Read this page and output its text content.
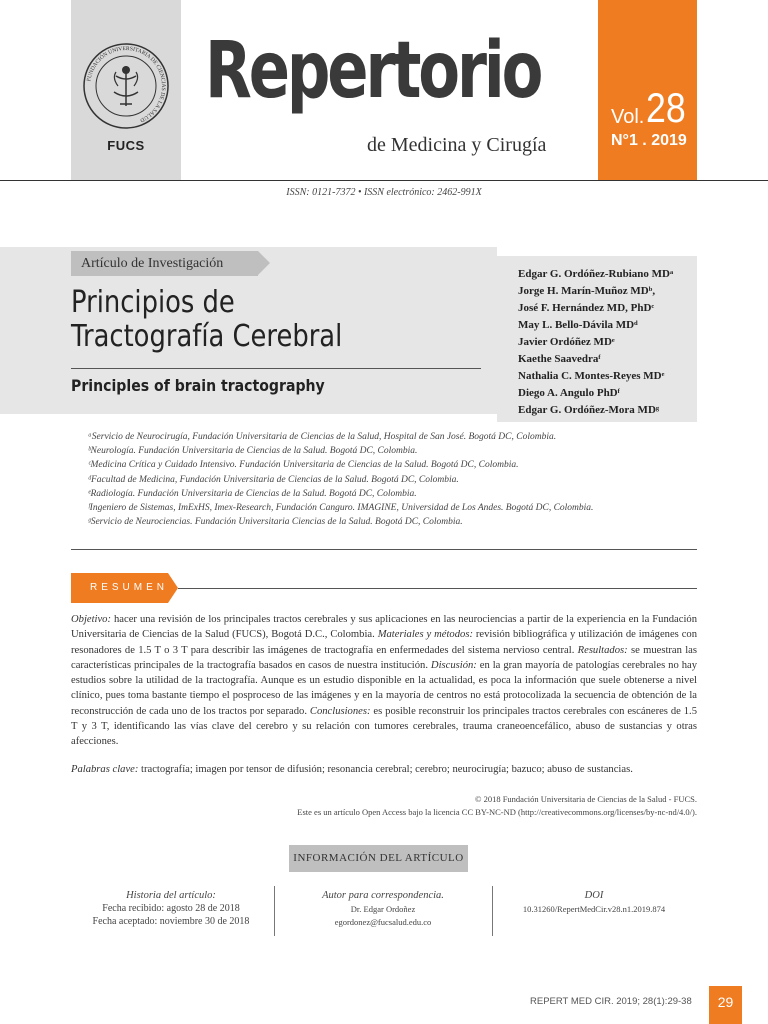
FUNDACIÓN UNIVERSITARIA DE CIENCIAS DE LA SALUD
FUCS
Repertorio
de Medicina y Cirugía
Vol. 28
N°1 . 2019
ISSN: 0121-7372 • ISSN electrónico: 2462-991X
Artículo de Investigación
Principios de
Tractografía Cerebral
Principles of brain tractography
Edgar G. Ordóñez-Rubiano MDᵃ
Jorge H. Marín-Muñoz MDᵇ,
José F. Hernández MD, PhDᶜ
May L. Bello-Dávila MDᵈ
Javier Ordóñez MDᵉ
Kaethe Saavedraᶠ
Nathalia C. Montes-Reyes MDᵉ
Diego A. Angulo PhDᶠ
Edgar G. Ordóñez-Mora MDᵍ
ᵃServicio de Neurocirugía, Fundación Universitaria de Ciencias de la Salud, Hospital de San José. Bogotá DC, Colombia.
ᵇNeurología. Fundación Universitaria de Ciencias de la Salud. Bogotá DC, Colombia.
ᶜMedicina Crítica y Cuidado Intensivo. Fundación Universitaria de Ciencias de la Salud. Bogotá DC, Colombia.
ᵈFacultad de Medicina, Fundación Universitaria de Ciencias de la Salud. Bogotá DC, Colombia.
ᵉRadiología. Fundación Universitaria de Ciencias de la Salud. Bogotá DC, Colombia.
ᶠIngeniero de Sistemas, ImExHS, Imex-Research, Fundación Canguro. IMAGINE, Universidad de Los Andes. Bogotá DC, Colombia.
ᵍServicio de Neurociencias. Fundación Universitaria Ciencias de la Salud. Bogotá DC, Colombia.
RESUMEN

Objetivo: hacer una revisión de los principales tractos cerebrales y sus aplicaciones en las neurociencias a partir de la experiencia en la Fundación Universitaria de Ciencias de la Salud (FUCS), Bogotá D.C., Colombia. Materiales y métodos: revisión bibliográfica y utilización de imágenes con resonadores de 1.5 T o 3 T para describir las imágenes de tractografía en enfermedades del sistema nervioso central. Resultados: se muestran las características principales de la tractografía basados en casos de nuestra institución. Discusión: en la gran mayoría de patologías cerebrales no hay estudios sobre la utilidad de la tractografía. Aunque es un estudio disponible en la actualidad, es poca la información que suele obtenerse a nivel clínico, pues toma bastante tiempo el posproceso de las imágenes y en la mayoría de centros no está protocolizada la secuencia de obtención de la reconstrucción de cada uno de los tractos por separado. Conclusiones: es posible reconstruir los principales tractos cerebrales con escáneres de 1.5 T y 3 T, identificando las vías clave del cerebro y su relación con tumores cerebrales, trauma craneoencefálico, abuso de sustancias y otras afecciones.

Palabras clave: tractografía; imagen por tensor de difusión; resonancia cerebral; cerebro; neurocirugía; bazuco; abuso de sustancias.
© 2018 Fundación Universitaria de Ciencias de la Salud - FUCS.
Este es un artículo Open Access bajo la licencia CC BY-NC-ND (http://creativecommons.org/licenses/by-nc-nd/4.0/).
INFORMACIÓN DEL ARTÍCULO
Historia del artículo:
Fecha recibido: agosto 28 de 2018
Fecha aceptado: noviembre 30 de 2018
Autor para correspondencia.
Dr. Edgar Ordoñez
egordonez@fucsalud.edu.co
DOI
10.31260/RepertMedCir.v28.n1.2019.874
REPERT MED CIR. 2019; 28(1):29-38	29
